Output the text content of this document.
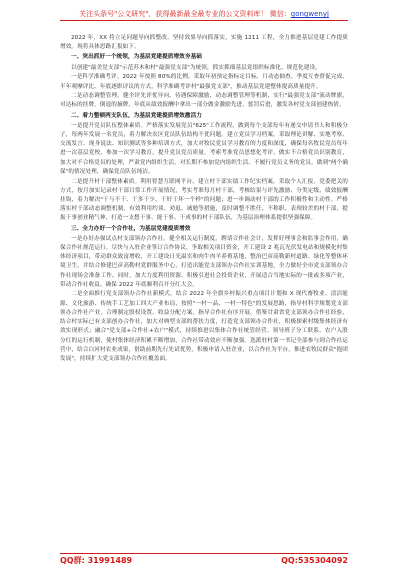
关注头条号"公文研究"，获得最新最全最专业的公文资料库！ 微信：gongwenyj
2022 年，XX 将立足问题导向抓整改，坚持效果导向抓落实，实施 1211 工程，全力推进基层党建工作提质增效。现将具体思路汇报如下。
一、突出抓好一个统领，为基层党建提质增效夯基础
以创建"最美党支部"示范苏木和村"最强党支部"为统领，抓实抓细基层党组织标准化、规范化建设。
一是科学准确考评。2022 年按照 80%的比例，采取年初预定指标定目标、月动态抽查、季度互查督促完成、半年观摩评比、年底逐职评议的方式，科学准确考评村"最强党支部"，推动基层党建整体提高质量提升。
二是动态调整管理。健全评先评优导向、待遇保障激励、动态调整管理等机制，实行"最强党支部"流动牌旗，对达标的挂牌，倒退的摘牌，年底从绩效报酬中拿出一部分做金激励先进、惩罚后进，激发各村党支部创建热情。
二、着力整顿两支队伍，为基层党建提质增效激活力
一是提升党员队伍整体素质。严格落实发展党员"625"工作流程，做到每个支部每年有递交申请书人和积极分子，每两年发展一名党员，着力解决农区党员队伍结构不优问题。建立党员学习档案，采取理论讲解、实地考察、交流发言、现身说法、知识测试等多种培训方式，加大对牧民党员学习教育的力度和深度，确保每名牧民党员每年进一次基层党校、参加一次学习教育，提升党员党员质量。考索考准党员思想化考评，做实不合格党员识别教育，加大对不合格党员的处理，严肃党内组织生活，对长期不参加党内组织生活、不履行党员义务的党员，做到"两个确保"的情况处理，确保党员队伍纯洁。
二是提升村干部整体素质。利用智慧互联网平台，建立村干部实绩工作纪实档案，采取个人汇报、党委把关的方式，按月加实记录村干部日常工作开展情况，考实考准每月村干部，考核结果与评先激励、分类定级、绩效报酬挂钩，着力解决"干与不干、干多干少、干好干坏一个样"的问题；进一步调动村干部的工作积极性和主动性。严格落实村干部动态调整机制，有效利用约谈、劝退、诫勉等措施，及时调整不胜任、不称职、表现较差的村干部，提振干事创业精气神，打造一支想干事、能干事、干成事的村干部队伍，为基层治理体系提供坚强保障。
三、全力办好一个合作社，为基层党建提质增效
一是办好办强试点村支部领办合作社。健全相关运行制度，聘请合作社会计，发挥好理事会和监事会作用，确保合作社规范运行。尽快与入驻企业签订合作协议，争取相关项目资金，开工建设 2 兆瓦光伏发电站和规模化村集体经济项目，带动群众致富增收，开工建设日光温室和肉牛肉羊养殖基地，整治巴彦高勒新村道路、绿化等整体环境卫生，并结合修建巴彦高勒村党群服务中心，打造出能党支部领办合作社实训基地，全力做好全市党支部领办合作社现场会准备工作。同时，加大力度利用资源、积极引进社会投资企业，开展适合当地实际的一批或多项产业，带动合作社收益。确保 2022 年底顺利召开分红大会。
二是全面推行党支部领办合作社新模式。结合 2022 年全旗乡村振兴重点项目计划和 X 现代畜牧业、清洁能源、文化旅游、传统手工艺加工四大产业布局，按照"一村一品、一村一特色"的发展思路，指导村科学规划党支部领办合作社产业，合理制定股权设置、收益分配方案，指导合作社有序开展。借鉴甘肃省党支部领办合作社经验，结合村实际已有支部创办合作社，加大对典型支部的帮扶力度，打造党支部领办合作社，积极探索村级集体经济有效实现形式；融合"党支部+合作社+农户"模式，持续推进以集体合作社统管经营、领导班子分工联系、农户入股分红的运行机制，使村集体经济积累不断增加，合作社带动效应不断加强。选派驻村第一书记全部参与到合作社运营中，结合白河村农业成果，借助前期先行先试优势，积极申请入驻企业，以合作社为平台，推进农牧民群众"抱团发展"，持续扩大党支部领办合作社覆盖面。
QQ群: 31991489	QQ:535304092
